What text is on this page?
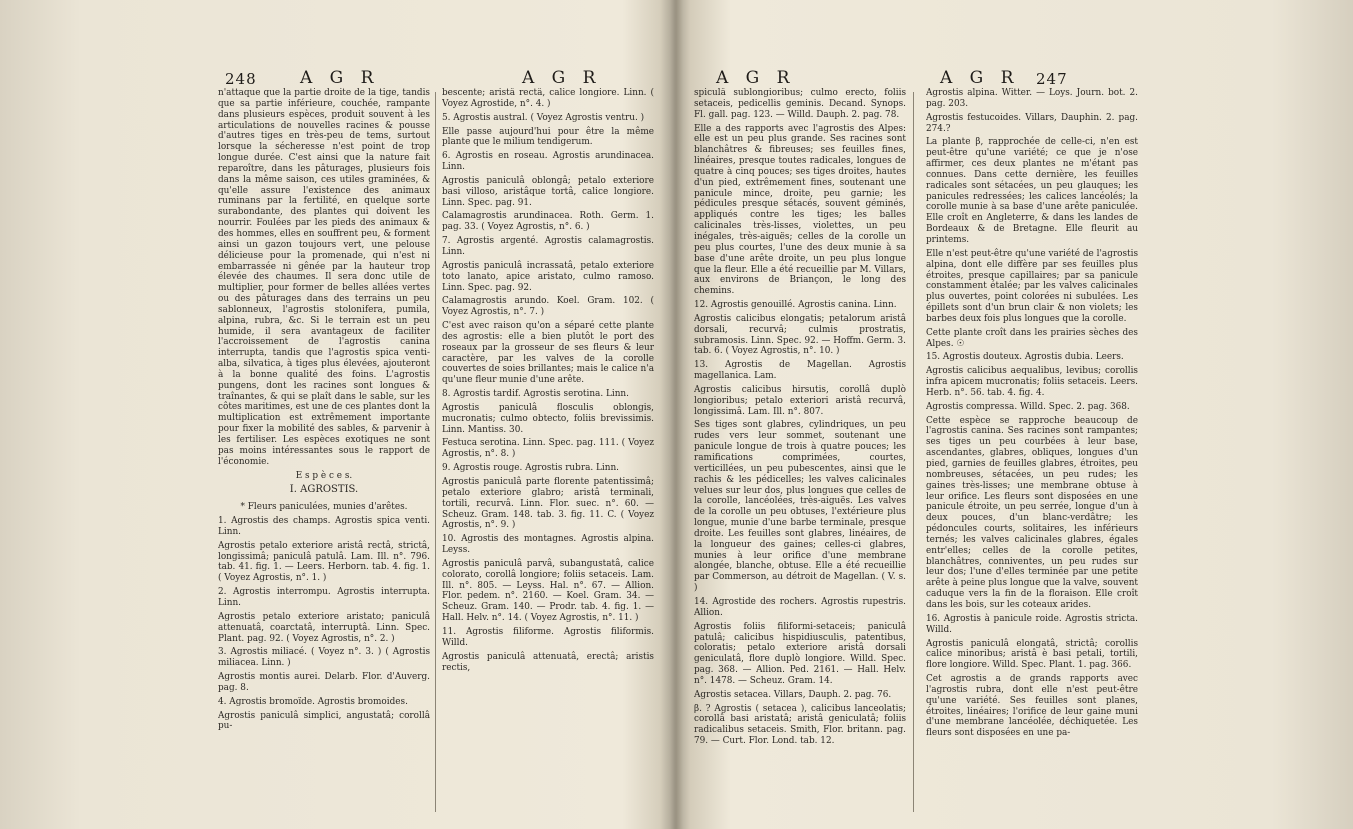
248	A G R	A G R

n'attaque que la partie droite de la tige, tandis que sa partie inférieure, couchée, rampante dans plusieurs espèces, produit souvent à les articulations de nouvelles racines & pousse d'autres tiges en très-peu de tems, surtout lorsque la sécheresse n'est point de trop longue durée. C'est ainsi que la nature fait reparoître, dans les pâturages, plusieurs fois dans la même saison, ces utiles graminées, & qu'elle assure l'existence des animaux ruminans par la fertilité, en quelque sorte surabondante, des plantes qui doivent les nourrir. Foulées par les pieds des animaux & des hommes, elles en souffrent peu, & forment ainsi un gazon toujours vert, une pelouse délicieuse pour la promenade, qui n'est ni embarrassée ni gênée par la hauteur trop élevée des chaumes. Il sera donc utile de multiplier, pour former de belles allées vertes ou des pâturages dans des terrains un peu sablonneux, l'agrostis stolonifera, pumila, alpina, rubra, &c. Si le terrain est un peu humide, il sera avantageux de faciliter l'accroissement de l'agrostis canina interrupta, tandis que l'agrostis spica venti-alba, silvatica, à tiges plus élevées, ajouteront à la bonne qualité des foins. L'agrostis pungens, dont les racines sont longues & traînantes, & qui se plaît dans le sable, sur les côtes maritimes, est une de ces plantes dont la multiplication est extrêmement importante pour fixer la mobilité des sables, & parvenir à les fertiliser. Les espèces exotiques ne sont pas moins intéressantes sous le rapport de l'économie.

E s p è c e s.

I. AGROSTIS.

* Fleurs paniculées, munies d'arêtes.

1. Agrostis des champs. Agrostis spica venti. Linn.

Agrostis petalo exteriore aristâ rectâ, strictâ, longissimâ; paniculâ patulâ. Lam. Ill. n°. 796. tab. 41. fig. 1. — Leers. Herborn. tab. 4. fig. 1. ( Voyez Agrostis, n°. 1. )

2. Agrostis interrompu. Agrostis interrupta. Linn.

Agrostis petalo exteriore aristato; paniculâ attenuatâ, coarctatâ, interruptâ. Linn. Spec. Plant. pag. 92. ( Voyez Agrostis, n°. 2. )

3. Agrostis miliacé. ( Voyez n°. 3. ) ( Agrostis miliacea. Linn. )

Agrostis montis aurei. Delarb. Flor. d'Auverg. pag. 8.

4. Agrostis bromoïde. Agrostis bromoides.

Agrostis paniculâ simplici, angustatâ; corollâ pu-

bescente; aristâ rectâ, calice longiore. Linn. ( Voyez Agrostide, n°. 4. )

5. Agrostis austral. ( Voyez Agrostis ventru. )

Elle passe aujourd'hui pour être la même plante que le milium tendigerum.

6. Agrostis en roseau. Agrostis arundinacea. Linn.

Agrostis paniculâ oblongâ; petalo exteriore basi villoso, aristâque tortâ, calice longiore. Linn. Spec. pag. 91.

Calamagrostis arundinacea. Roth. Germ. 1. pag. 33. ( Voyez Agrostis, n°. 6. )

7. Agrostis argenté. Agrostis calamagrostis. Linn.

Agrostis paniculâ incrassatâ, petalo exteriore toto lanato, apice aristato, culmo ramoso. Linn. Spec. pag. 92.

Calamagrostis arundo. Koel. Gram. 102. ( Voyez Agrostis, n°. 7. )

C'est avec raison qu'on a séparé cette plante des agrostis: elle a bien plutôt le port des roseaux par la grosseur de ses fleurs & leur caractère, par les valves de la corolle couvertes de soies brillantes; mais le calice n'a qu'une fleur munie d'une arête.

8. Agrostis tardif. Agrostis serotina. Linn.

Agrostis paniculâ flosculis oblongis, mucronatis; culmo obtecto, foliis brevissimis. Linn. Mantiss. 30.

Festuca serotina. Linn. Spec. pag. 111. ( Voyez Agrostis, n°. 8. )

9. Agrostis rouge. Agrostis rubra. Linn.

Agrostis paniculâ parte florente patentissimâ; petalo exteriore glabro; aristâ terminali, tortili, recurvâ. Linn. Flor. suec. n°. 60. — Scheuz. Gram. 148. tab. 3. fig. 11. C. ( Voyez Agrostis, n°. 9. )

10. Agrostis des montagnes. Agrostis alpina. Leyss.

Agrostis paniculâ parvâ, subangustatâ, calice colorato, corollâ longiore; foliis setaceis. Lam. Ill. n°. 805. — Leyss. Hal. n°. 67. — Allion. Flor. pedem. n°. 2160. — Koel. Gram. 34. — Scheuz. Gram. 140. — Prodr. tab. 4. fig. 1. — Hall. Helv. n°. 14. ( Voyez Agrostis, n°. 11. )

11. Agrostis filiforme. Agrostis filiformis. Willd.

Agrostis paniculâ attenuatâ, erectâ; aristis rectis,

A G R	A G R 247

spiculâ sublongioribus; culmo erecto, foliis setaceis, pedicellis geminis. Decand. Synops. Fl. gall. pag. 123. — Willd. Dauph. 2. pag. 78.

Elle a des rapports avec l'agrostis des Alpes: elle est un peu plus grande. Ses racines sont blanchâtres & fibreuses; ses feuilles fines, linéaires, presque toutes radicales, longues de quatre à cinq pouces; ses tiges droites, hautes d'un pied, extrêmement fines, soutenant une panicule mince, droite, peu garnie; les pédicules presque sétacés, souvent géminés, appliqués contre les tiges; les balles calicinales très-lisses, violettes, un peu inégales, très-aiguës; celles de la corolle un peu plus courtes, l'une des deux munie à sa base d'une arête droite, un peu plus longue que la fleur. Elle a été recueillie par M. Villars, aux environs de Briançon, le long des chemins.

12. Agrostis genouillé. Agrostis canina. Linn.

Agrostis calicibus elongatis; petalorum aristâ dorsali, recurvâ; culmis prostratis, subramosis. Linn. Spec. 92. — Hoffm. Germ. 3. tab. 6. ( Voyez Agrostis, n°. 10. )

13. Agrostis de Magellan. Agrostis magellanica. Lam.

Agrostis calicibus hirsutis, corollâ duplò longioribus; petalo exteriori aristâ recurvâ, longissimâ. Lam. Ill. n°. 807.

Ses tiges sont glabres, cylindriques, un peu rudes vers leur sommet, soutenant une panicule longue de trois à quatre pouces; les ramifications comprimées, courtes, verticillées, un peu pubescentes, ainsi que le rachis & les pédicelles; les valves calicinales velues sur leur dos, plus longues que celles de la corolle, lancéolées, très-aiguës. Les valves de la corolle un peu obtuses, l'extérieure plus longue, munie d'une barbe terminale, presque droite. Les feuilles sont glabres, linéaires, de la longueur des gaines; celles-ci glabres, munies à leur orifice d'une membrane alongée, blanche, obtuse. Elle a été recueillie par Commerson, au détroit de Magellan. ( V. s. )

14. Agrostide des rochers. Agrostis rupestris. Allion.

Agrostis foliis filiformi-setaceis; paniculâ patulâ; calicibus hispidiusculis, patentibus, coloratis; petalo exteriore aristâ dorsali geniculatâ, flore duplò longiore. Willd. Spec. pag. 368. — Allion. Ped. 2161. — Hall. Helv. n°. 1478. — Scheuz. Gram. 14.

Agrostis setacea. Villars, Dauph. 2. pag. 76.

β. ? Agrostis ( setacea ), calicibus lanceolatis; corollâ basi aristatâ; aristâ geniculatâ; foliis radicalibus setaceis. Smith, Flor. britann. pag. 79. — Curt. Flor. Lond. tab. 12.

Agrostis alpina. Witter. — Loys. Journ. bot. 2. pag. 203.

Agrostis festucoides. Villars, Dauphin. 2. pag. 274.?

La plante β, rapprochée de celle-ci, n'en est peut-être qu'une variété; ce que je n'ose affirmer, ces deux plantes ne m'étant pas connues. Dans cette dernière, les feuilles radicales sont sétacées, un peu glauques; les panicules redressées; les calices lancéolés; la corolle munie à sa base d'une arête paniculée. Elle croît en Angleterre, & dans les landes de Bordeaux & de Bretagne. Elle fleurit au printems.

Elle n'est peut-être qu'une variété de l'agrostis alpina, dont elle diffère par ses feuilles plus étroites, presque capillaires; par sa panicule constamment étalée; par les valves calicinales plus ouvertes, point colorées ni subulées. Les épillets sont d'un brun clair & non violets; les barbes deux fois plus longues que la corolle.

Cette plante croît dans les prairies sèches des Alpes. ☉

15. Agrostis douteux. Agrostis dubia. Leers.

Agrostis calicibus aequalibus, levibus; corollis infra apicem mucronatis; foliis setaceis. Leers. Herb. n°. 56. tab. 4. fig. 4.

Agrostis compressa. Willd. Spec. 2. pag. 368.

Cette espèce se rapproche beaucoup de l'agrostis canina. Ses racines sont rampantes; ses tiges un peu courbées à leur base, ascendantes, glabres, obliques, longues d'un pied, garnies de feuilles glabres, étroites, peu nombreuses, sétacées, un peu rudes; les gaines très-lisses; une membrane obtuse à leur orifice. Les fleurs sont disposées en une panicule étroite, un peu serrée, longue d'un à deux pouces, d'un blanc-verdâtre; les pédoncules courts, solitaires, les inférieurs ternés; les valves calicinales glabres, égales entr'elles; celles de la corolle petites, blanchâtres, conniventes, un peu rudes sur leur dos; l'une d'elles terminée par une petite arête à peine plus longue que la valve, souvent caduque vers la fin de la floraison. Elle croît dans les bois, sur les coteaux arides.

16. Agrostis à panicule roide. Agrostis stricta. Willd.

Agrostis paniculâ elongatâ, strictâ; corollis calice minoribus; aristâ è basi petali, tortili, flore longiore. Willd. Spec. Plant. 1. pag. 366.

Cet agrostis a de grands rapports avec l'agrostis rubra, dont elle n'est peut-être qu'une variété. Ses feuilles sont planes, étroites, linéaires; l'orifice de leur gaine muni d'une membrane lancéolée, déchiquetée. Les fleurs sont disposées en une pa-
